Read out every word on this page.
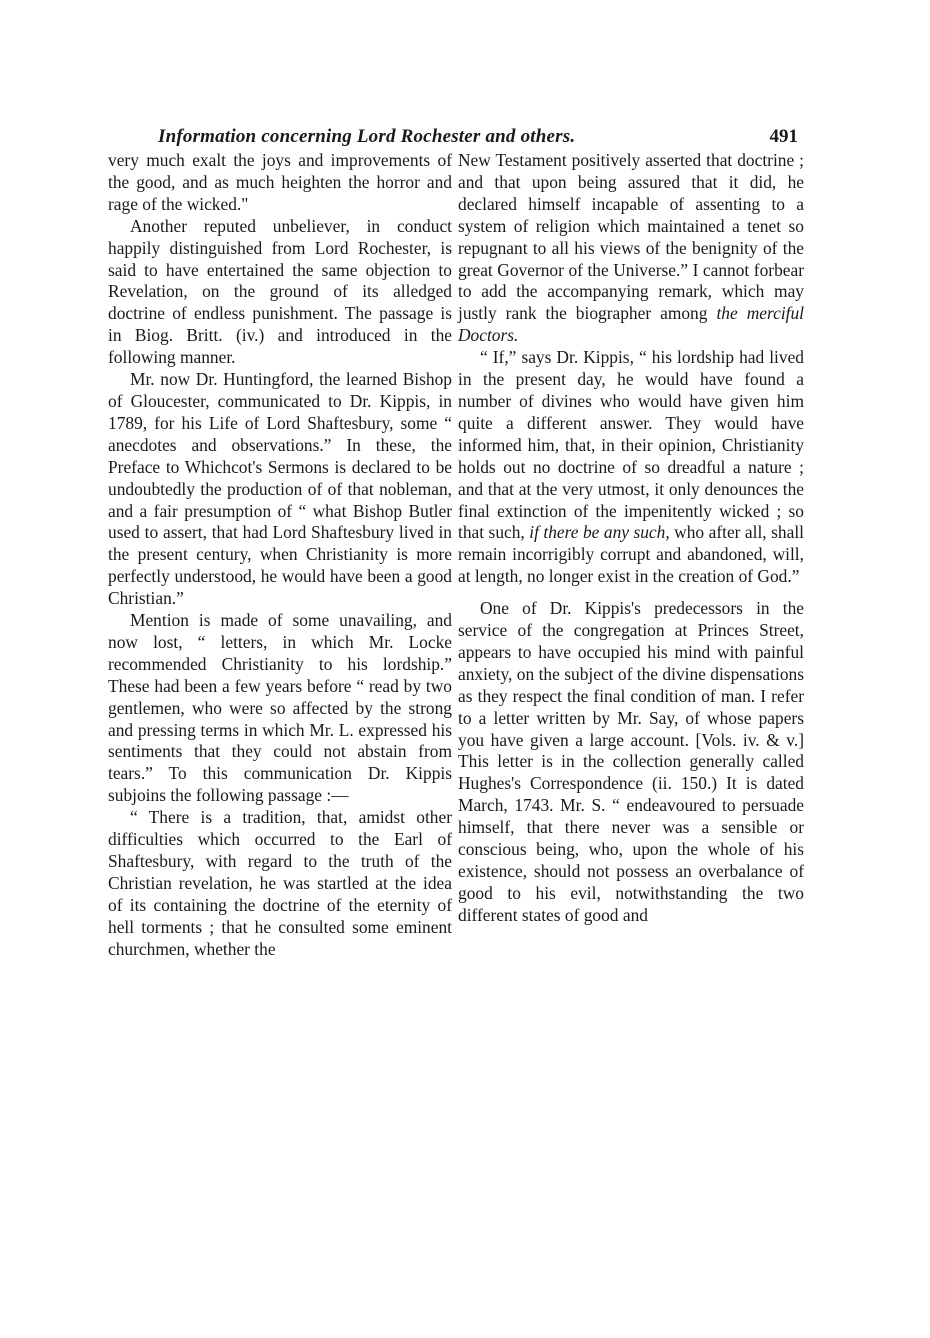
Information concerning Lord Rochester and others.	491

very much exalt the joys and improvements of the good, and as much heighten the horror and rage of the wicked."

Another reputed unbeliever, in conduct happily distinguished from Lord Rochester, is said to have entertained the same objection to Revelation, on the ground of its alledged doctrine of endless punishment. The passage is in Biog. Britt. (iv.) and introduced in the following manner.

Mr. now Dr. Huntingford, the learned Bishop of Gloucester, communicated to Dr. Kippis, in 1789, for his Life of Lord Shaftesbury, some “ anecdotes and observations.” In these, the Preface to Whichcot's Sermons is declared to be undoubtedly the production of of that nobleman, and a fair presumption of “ what Bishop Butler used to assert, that had Lord Shaftesbury lived in the present century, when Christianity is more perfectly understood, he would have been a good Christian.”

Mention is made of some unavailing, and now lost, “ letters, in which Mr. Locke recommended Christianity to his lordship.” These had been a few years before “ read by two gentlemen, who were so affected by the strong and pressing terms in which Mr. L. expressed his sentiments that they could not abstain from tears.” To this communication Dr. Kippis subjoins the following passage :—

“ There is a tradition, that, amidst other difficulties which occurred to the Earl of Shaftesbury, with regard to the truth of the Christian revelation, he was startled at the idea of its containing the doctrine of the eternity of hell torments ; that he consulted some eminent churchmen, whether the

New Testament positively asserted that doctrine ; and that upon being assured that it did, he declared himself incapable of assenting to a system of religion which maintained a tenet so repugnant to all his views of the benignity of the great Governor of the Universe.” I cannot forbear to add the accompanying remark, which may justly rank the biographer among the merciful Doctors.

“ If,” says Dr. Kippis, “ his lordship had lived in the present day, he would have found a number of divines who would have given him quite a different answer. They would have informed him, that, in their opinion, Christianity holds out no doctrine of so dreadful a nature ; and that at the very utmost, it only denounces the final extinction of the impenitently wicked ; so that such, if there be any such, who after all, shall remain incorrigibly corrupt and abandoned, will, at length, no longer exist in the creation of God.”

One of Dr. Kippis's predecessors in the service of the congregation at Princes Street, appears to have occupied his mind with painful anxiety, on the subject of the divine dispensations as they respect the final condition of man. I refer to a letter written by Mr. Say, of whose papers you have given a large account. [Vols. iv. & v.] This letter is in the collection generally called Hughes's Correspondence (ii. 150.) It is dated March, 1743. Mr. S. “ endeavoured to persuade himself, that there never was a sensible or conscious being, who, upon the whole of his existence, should not possess an overbalance of good to his evil, notwithstanding the two different states of good and
